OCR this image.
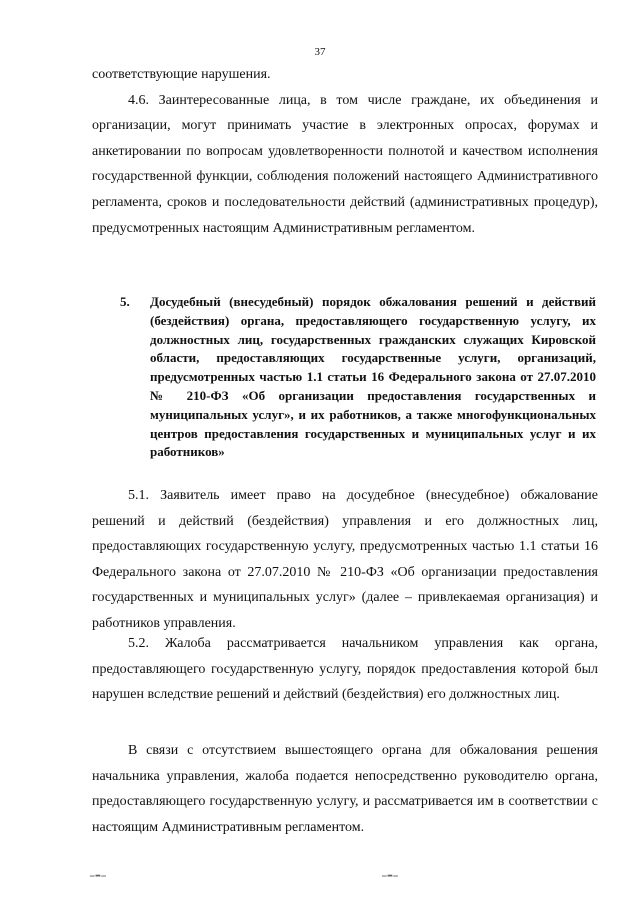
37

соответствующие нарушения.

4.6. Заинтересованные лица, в том числе граждане, их объединения и организации, могут принимать участие в электронных опросах, форумах и анкетировании по вопросам удовлетворенности полнотой и качеством исполнения государственной функции, соблюдения положений настоящего Административного регламента, сроков и последовательности действий (административных процедур), предусмотренных настоящим Административным регламентом.

5. Досудебный (внесудебный) порядок обжалования решений и действий (бездействия) органа, предоставляющего государственную услугу, их должностных лиц, государственных гражданских служащих Кировской области, предоставляющих государственные услуги, организаций, предусмотренных частью 1.1 статьи 16 Федерального закона от 27.07.2010 № 210-ФЗ «Об организации предоставления государственных и муниципальных услуг», и их работников, а также многофункциональных центров предоставления государственных и муниципальных услуг и их работников»

5.1. Заявитель имеет право на досудебное (внесудебное) обжалование решений и действий (бездействия) управления и его должностных лиц, предоставляющих государственную услугу, предусмотренных частью 1.1 статьи 16 Федерального закона от 27.07.2010 № 210-ФЗ «Об организации предоставления государственных и муниципальных услуг» (далее – привлекаемая организация) и работников управления.

5.2. Жалоба рассматривается начальником управления как органа, предоставляющего государственную услугу, порядок предоставления которой был нарушен вследствие решений и действий (бездействия) его должностных лиц.

В связи с отсутствием вышестоящего органа для обжалования решения начальника управления, жалоба подается непосредственно руководителю органа, предоставляющего государственную услугу, и рассматривается им в соответствии с настоящим Административным регламентом.

▁▂▁	▁▂▁
